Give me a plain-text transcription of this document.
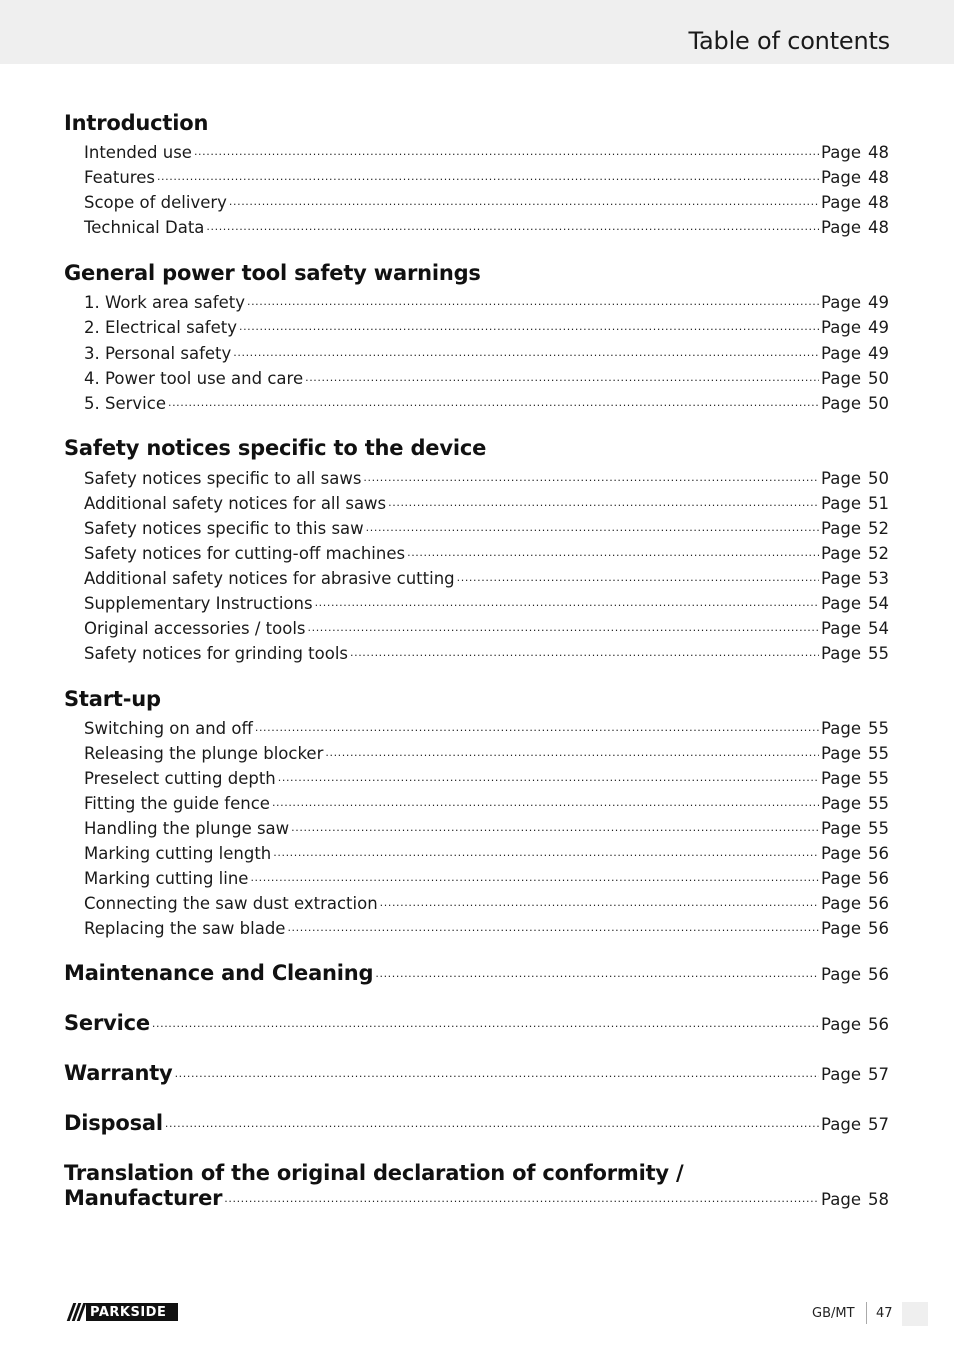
Table of contents
Introduction
Intended use .....	Page 48
Features .....	Page 48
Scope of delivery .....	Page 48
Technical Data .....	Page 48
General power tool safety warnings
1. Work area safety .....	Page 49
2. Electrical safety .....	Page 49
3. Personal safety .....	Page 49
4. Power tool use and care .....	Page 50
5. Service .....	Page 50
Safety notices specific to the device
Safety notices specific to all saws .....	Page 50
Additional safety notices for all saws .....	Page 51
Safety notices specific to this saw .....	Page 52
Safety notices for cutting-off machines .....	Page 52
Additional safety notices for abrasive cutting .....	Page 53
Supplementary Instructions .....	Page 54
Original accessories / tools .....	Page 54
Safety notices for grinding tools .....	Page 55
Start-up
Switching on and off .....	Page 55
Releasing the plunge blocker .....	Page 55
Preselect cutting depth .....	Page 55
Fitting the guide fence .....	Page 55
Handling the plunge saw .....	Page 55
Marking cutting length .....	Page 56
Marking cutting line .....	Page 56
Connecting the saw dust extraction .....	Page 56
Replacing the saw blade .....	Page 56
Maintenance and Cleaning .....	Page 56
Service .....	Page 56
Warranty .....	Page 57
Disposal .....	Page 57
Translation of the original declaration of conformity /
Manufacturer .....	Page 58
PARKSIDE	GB/MT 47
